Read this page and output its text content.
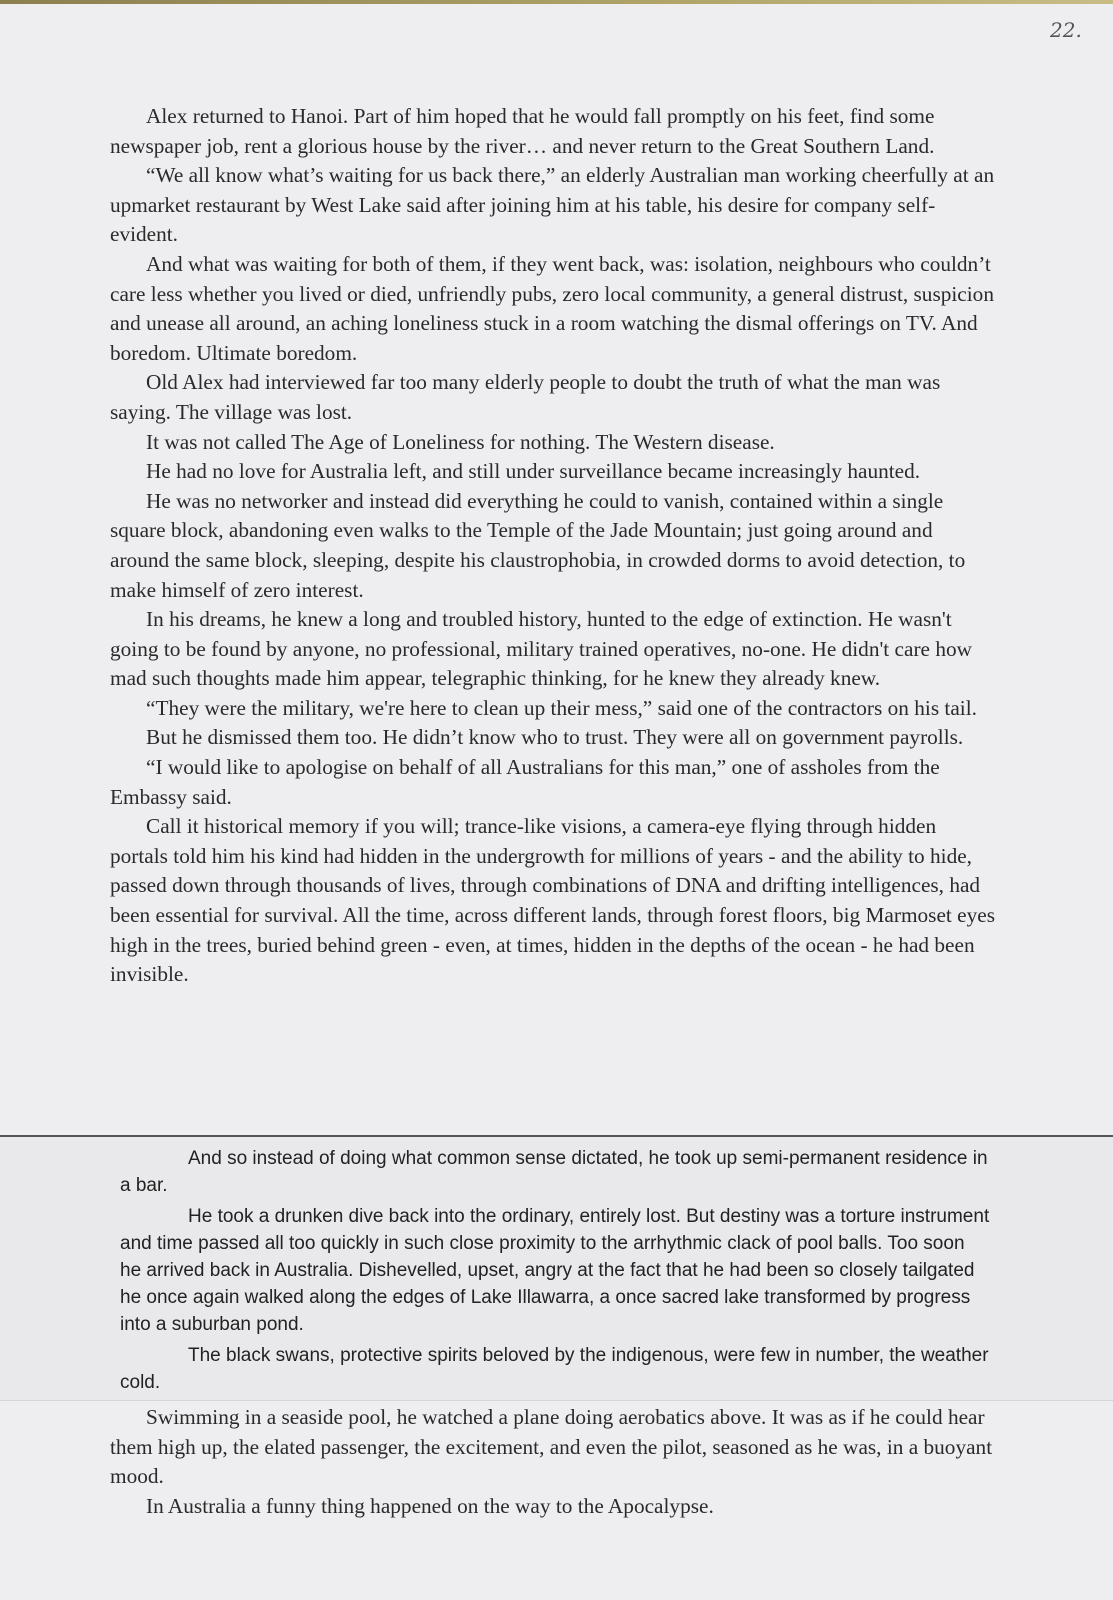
22.

Alex returned to Hanoi. Part of him hoped that he would fall promptly on his feet, find some newspaper job, rent a glorious house by the river… and never return to the Great Southern Land.

“We all know what’s waiting for us back there,” an elderly Australian man working cheerfully at an upmarket restaurant by West Lake said after joining him at his table, his desire for company self-evident.

And what was waiting for both of them, if they went back, was: isolation, neighbours who couldn’t care less whether you lived or died, unfriendly pubs, zero local community, a general distrust, suspicion and unease all around, an aching loneliness stuck in a room watching the dismal offerings on TV. And boredom. Ultimate boredom.

Old Alex had interviewed far too many elderly people to doubt the truth of what the man was saying. The village was lost.

It was not called The Age of Loneliness for nothing. The Western disease.

He had no love for Australia left, and still under surveillance became increasingly haunted.

He was no networker and instead did everything he could to vanish, contained within a single square block, abandoning even walks to the Temple of the Jade Mountain; just going around and around the same block, sleeping, despite his claustrophobia, in crowded dorms to avoid detection, to make himself of zero interest.

In his dreams, he knew a long and troubled history, hunted to the edge of extinction. He wasn't going to be found by anyone, no professional, military trained operatives, no-one. He didn't care how mad such thoughts made him appear, telegraphic thinking, for he knew they already knew.

“They were the military, we're here to clean up their mess,” said one of the contractors on his tail.

But he dismissed them too. He didn’t know who to trust. They were all on government payrolls.

“I would like to apologise on behalf of all Australians for this man,” one of assholes from the Embassy said.

Call it historical memory if you will; trance-like visions, a camera-eye flying through hidden portals told him his kind had hidden in the undergrowth for millions of years - and the ability to hide, passed down through thousands of lives, through combinations of DNA and drifting intelligences, had been essential for survival. All the time, across different lands, through forest floors, big Marmoset eyes high in the trees, buried behind green - even, at times, hidden in the depths of the ocean - he had been invisible.

And so instead of doing what common sense dictated, he took up semi-permanent residence in a bar.

He took a drunken dive back into the ordinary, entirely lost. But destiny was a torture instrument and time passed all too quickly in such close proximity to the arrhythmic clack of pool balls. Too soon he arrived back in Australia. Dishevelled, upset, angry at the fact that he had been so closely tailgated he once again walked along the edges of Lake Illawarra, a once sacred lake transformed by progress into a suburban pond.

The black swans, protective spirits beloved by the indigenous, were few in number, the weather cold.

Swimming in a seaside pool, he watched a plane doing aerobatics above. It was as if he could hear them high up, the elated passenger, the excitement, and even the pilot, seasoned as he was, in a buoyant mood.

In Australia a funny thing happened on the way to the Apocalypse.
